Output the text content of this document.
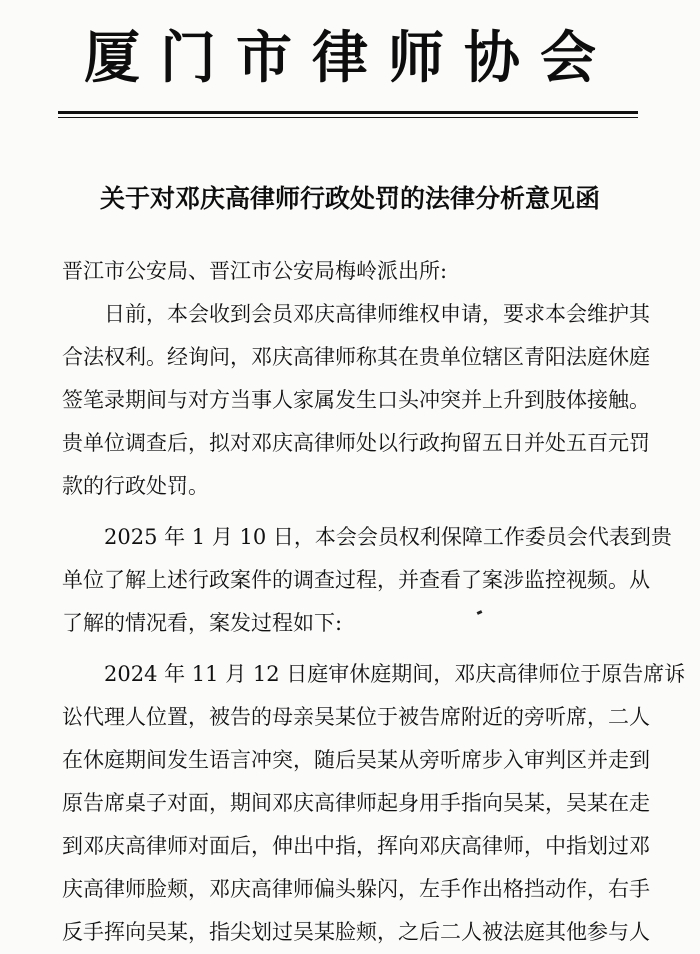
厦门市律师协会
关于对邓庆高律师行政处罚的法律分析意见函
晋江市公安局、晋江市公安局梅岭派出所:
　　日前，本会收到会员邓庆高律师维权申请，要求本会维护其
合法权利。经询问，邓庆高律师称其在贵单位辖区青阳法庭休庭
签笔录期间与对方当事人家属发生口头冲突并上升到肢体接触。
贵单位调查后，拟对邓庆高律师处以行政拘留五日并处五百元罚
款的行政处罚。
　　2025 年 1 月 10 日，本会会员权利保障工作委员会代表到贵
单位了解上述行政案件的调查过程，并查看了案涉监控视频。从
了解的情况看，案发过程如下:
　　2024 年 11 月 12 日庭审休庭期间，邓庆高律师位于原告席诉
讼代理人位置，被告的母亲吴某位于被告席附近的旁听席，二人
在休庭期间发生语言冲突，随后吴某从旁听席步入审判区并走到
原告席桌子对面，期间邓庆高律师起身用手指向吴某，吴某在走
到邓庆高律师对面后，伸出中指，挥向邓庆高律师，中指划过邓
庆高律师脸颊，邓庆高律师偏头躲闪，左手作出格挡动作，右手
反手挥向吴某，指尖划过吴某脸颊，之后二人被法庭其他参与人
